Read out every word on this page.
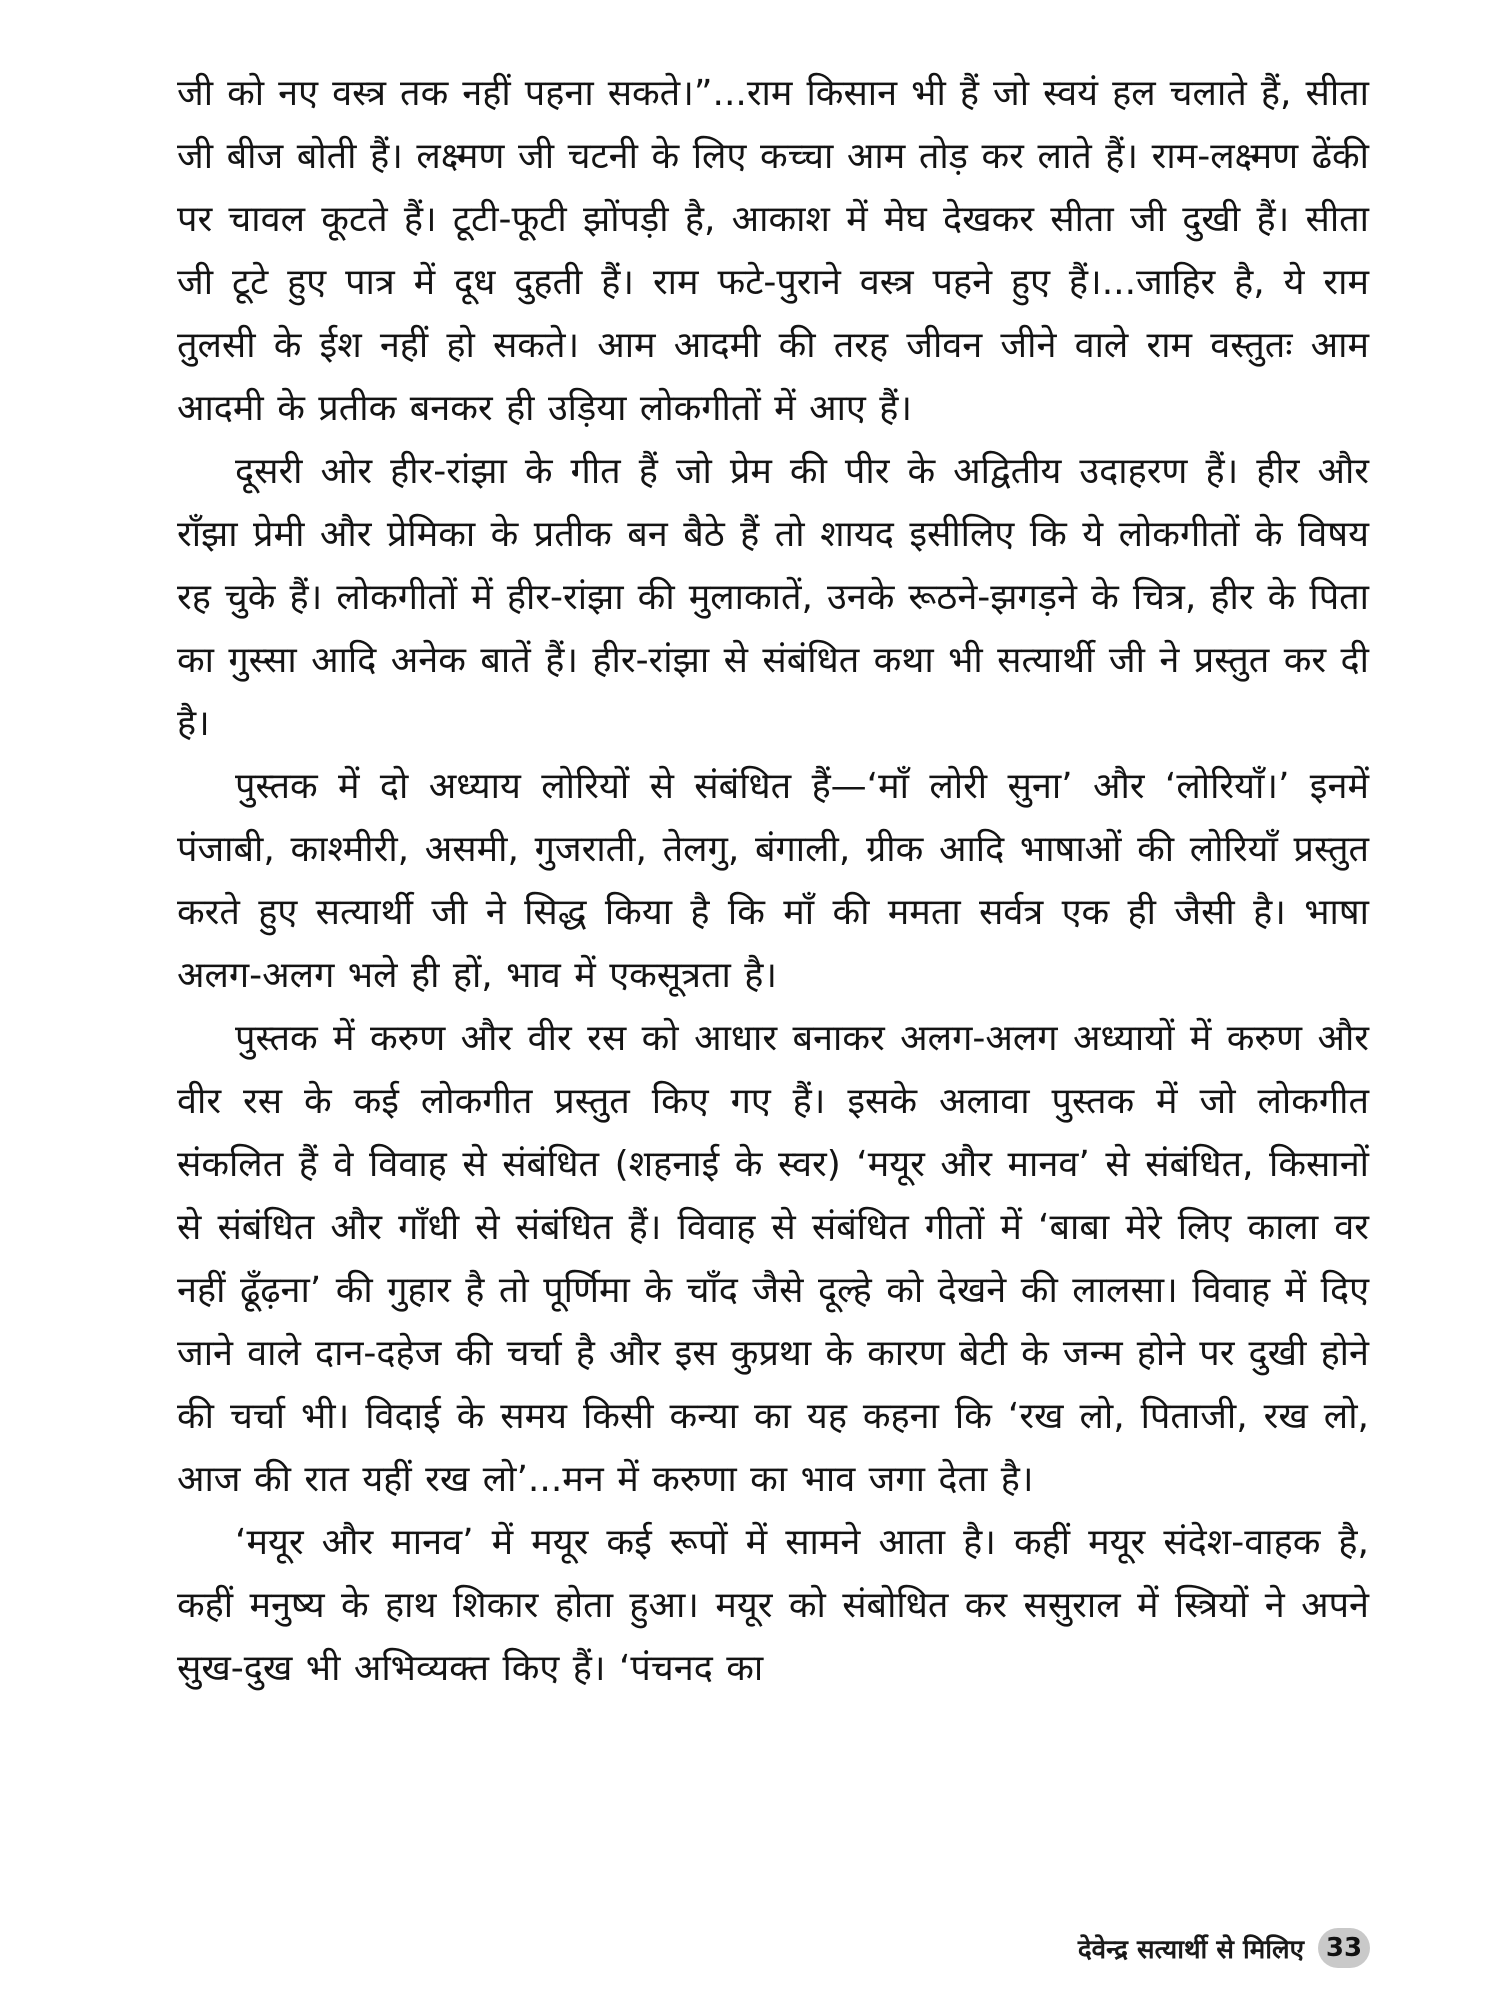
जी को नए वस्त्र तक नहीं पहना सकते।”...राम किसान भी हैं जो स्वयं हल चलाते हैं, सीता जी बीज बोती हैं। लक्ष्मण जी चटनी के लिए कच्चा आम तोड़ कर लाते हैं। राम-लक्ष्मण ढेंकी पर चावल कूटते हैं। टूटी-फूटी झोंपड़ी है, आकाश में मेघ देखकर सीता जी दुखी हैं। सीता जी टूटे हुए पात्र में दूध दुहती हैं। राम फटे-पुराने वस्त्र पहने हुए हैं।...जाहिर है, ये राम तुलसी के ईश नहीं हो सकते। आम आदमी की तरह जीवन जीने वाले राम वस्तुतः आम आदमी के प्रतीक बनकर ही उड़िया लोकगीतों में आए हैं।

दूसरी ओर हीर-रांझा के गीत हैं जो प्रेम की पीर के अद्वितीय उदाहरण हैं। हीर और राँझा प्रेमी और प्रेमिका के प्रतीक बन बैठे हैं तो शायद इसीलिए कि ये लोकगीतों के विषय रह चुके हैं। लोकगीतों में हीर-रांझा की मुलाकातें, उनके रूठने-झगड़ने के चित्र, हीर के पिता का गुस्सा आदि अनेक बातें हैं। हीर-रांझा से संबंधित कथा भी सत्यार्थी जी ने प्रस्तुत कर दी है।

पुस्तक में दो अध्याय लोरियों से संबंधित हैं—‘माँ लोरी सुना’ और ‘लोरियाँ।’ इनमें पंजाबी, काश्मीरी, असमी, गुजराती, तेलगु, बंगाली, ग्रीक आदि भाषाओं की लोरियाँ प्रस्तुत करते हुए सत्यार्थी जी ने सिद्ध किया है कि माँ की ममता सर्वत्र एक ही जैसी है। भाषा अलग-अलग भले ही हों, भाव में एकसूत्रता है।

पुस्तक में करुण और वीर रस को आधार बनाकर अलग-अलग अध्यायों में करुण और वीर रस के कई लोकगीत प्रस्तुत किए गए हैं। इसके अलावा पुस्तक में जो लोकगीत संकलित हैं वे विवाह से संबंधित (शहनाई के स्वर) ‘मयूर और मानव’ से संबंधित, किसानों से संबंधित और गाँधी से संबंधित हैं। विवाह से संबंधित गीतों में ‘बाबा मेरे लिए काला वर नहीं ढूँढ़ना’ की गुहार है तो पूर्णिमा के चाँद जैसे दूल्हे को देखने की लालसा। विवाह में दिए जाने वाले दान-दहेज की चर्चा है और इस कुप्रथा के कारण बेटी के जन्म होने पर दुखी होने की चर्चा भी। विदाई के समय किसी कन्या का यह कहना कि ‘रख लो, पिताजी, रख लो, आज की रात यहीं रख लो’...मन में करुणा का भाव जगा देता है।

‘मयूर और मानव’ में मयूर कई रूपों में सामने आता है। कहीं मयूर संदेश-वाहक है, कहीं मनुष्य के हाथ शिकार होता हुआ। मयूर को संबोधित कर ससुराल में स्त्रियों ने अपने सुख-दुख भी अभिव्यक्त किए हैं। ‘पंचनद का

देवेन्द्र सत्यार्थी से मिलिए 33
